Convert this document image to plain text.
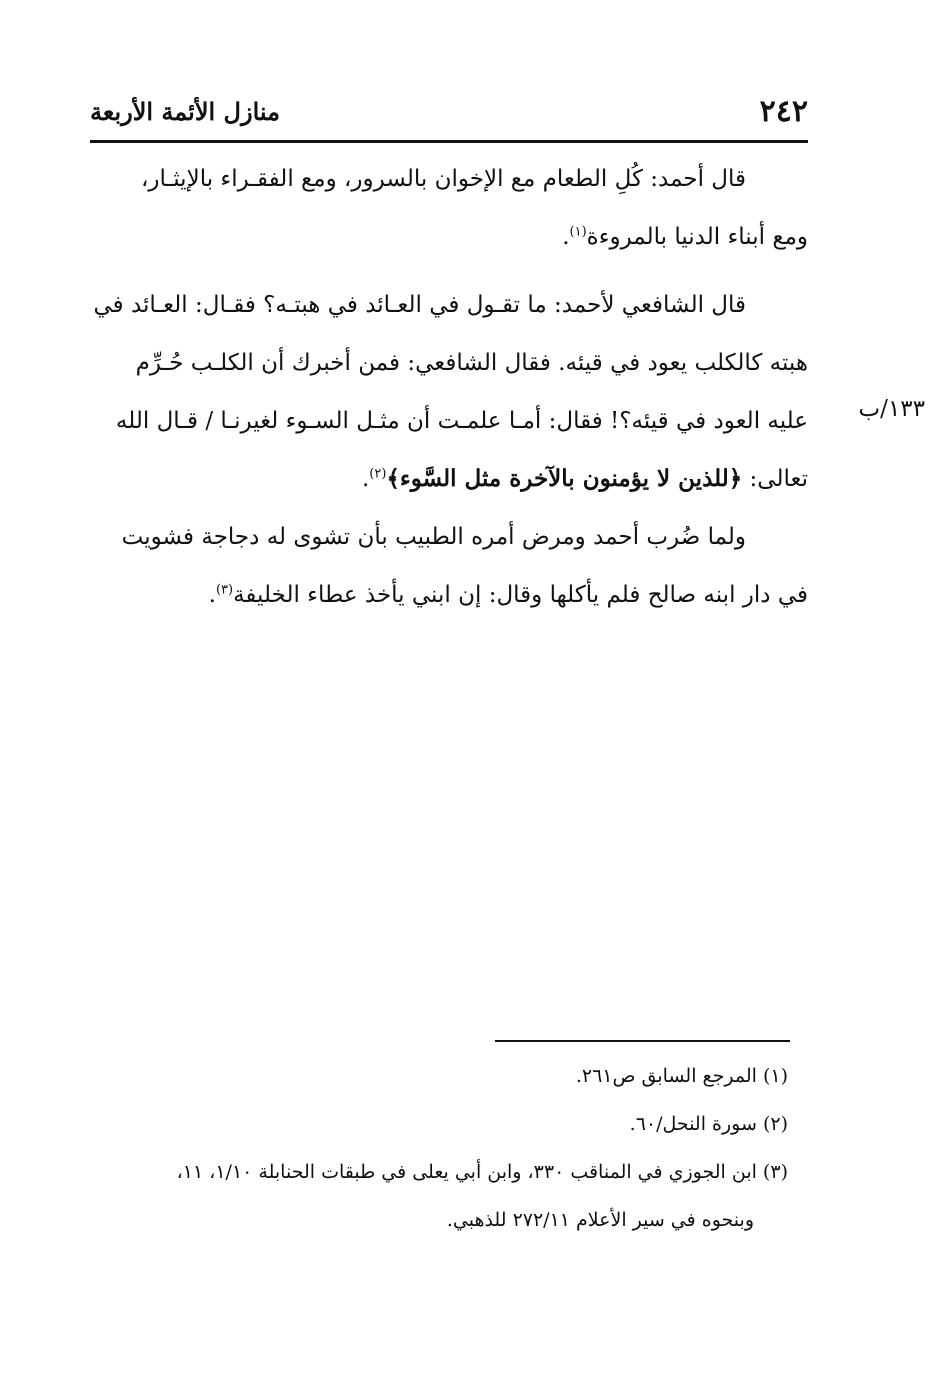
٢٤٢
منازل الأئمة الأربعة
قال أحمد: كُلِ الطعام مع الإخوان بالسرور، ومع الفقـراء بالإيثـار،
ومع أبناء الدنيا بالمروءة$^{(١)}$.
قال الشافعي لأحمد: ما تقـول في العـائد في هبتـه؟ فقـال: العـائد في
هبته كالكلب يعود في قيئه. فقال الشافعي: فمن أخبرك أن الكلـب حُـرِّم
عليه العود في قيئه؟! فقال: أمـا علمـت أن مثـل السـوء لغيرنـا / قـال الله
تعالى: ﴿للذين لا يؤمنون بالآخرة مثل السَّوء﴾$^{(٢)}$.
ولما ضُرب أحمد ومرض أمره الطبيب بأن تشوى له دجاجة فشويت
في دار ابنه صالح فلم يأكلها وقال: إن ابني يأخذ عطاء الخليفة$^{(٣)}$.
١٣٣/ب
(١) المرجع السابق ص٢٦١.
(٢) سورة النحل/٦٠.
(٣) ابن الجوزي في المناقب ٣٣٠، وابن أبي يعلى في طبقات الحنابلة ١/١٠، ١١،
وبنحوه في سير الأعلام ٢٧٢/١١ للذهبي.
